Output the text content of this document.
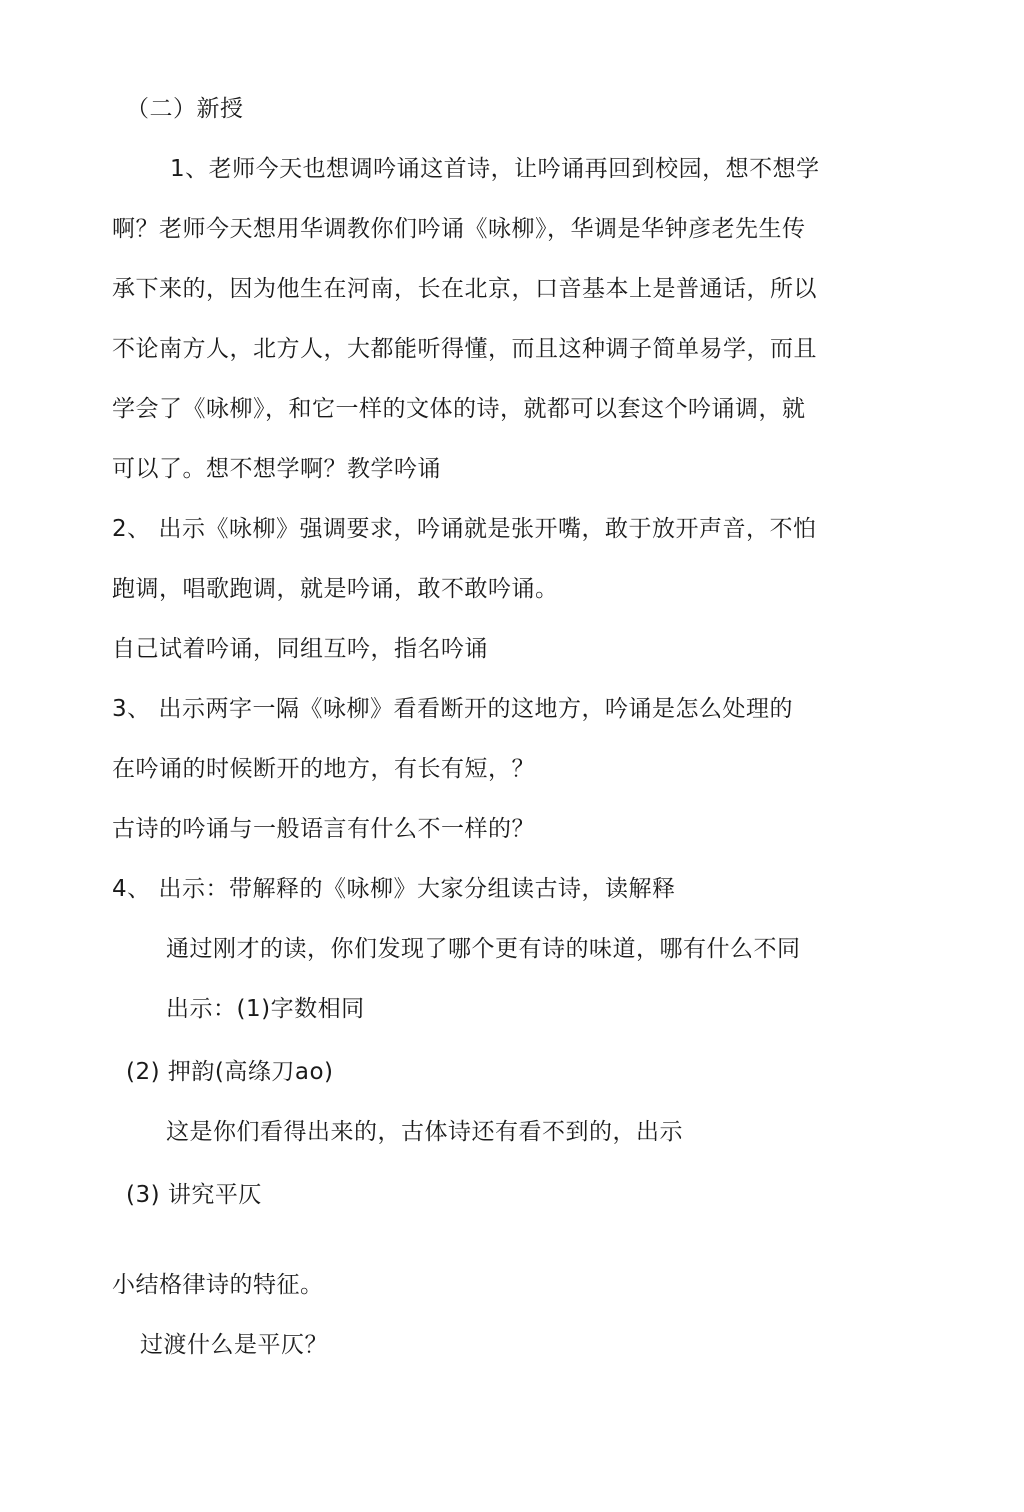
（二）新授
1、老师今天也想调吟诵这首诗，让吟诵再回到校园，想不想学
啊？老师今天想用华调教你们吟诵《咏柳》，华调是华钟彦老先生传
承下来的，因为他生在河南，长在北京，口音基本上是普通话，所以
不论南方人，北方人，大都能听得懂，而且这种调子简单易学，而且
学会了《咏柳》，和它一样的文体的诗，就都可以套这个吟诵调，就
可以了。想不想学啊？教学吟诵
2、 出示《咏柳》强调要求，吟诵就是张开嘴，敢于放开声音，不怕
跑调，唱歌跑调，就是吟诵，敢不敢吟诵。
自己试着吟诵，同组互吟，指名吟诵
3、 出示两字一隔《咏柳》看看断开的这地方，吟诵是怎么处理的
在吟诵的时候断开的地方，有长有短，？
古诗的吟诵与一般语言有什么不一样的？
4、 出示：带解释的《咏柳》大家分组读古诗，读解释
通过刚才的读，你们发现了哪个更有诗的味道，哪有什么不同
出示：(1)字数相同
(2) 押韵(高绦刀ao)
这是你们看得出来的，古体诗还有看不到的，出示
(3) 讲究平仄
小结格律诗的特征。
过渡什么是平仄？
